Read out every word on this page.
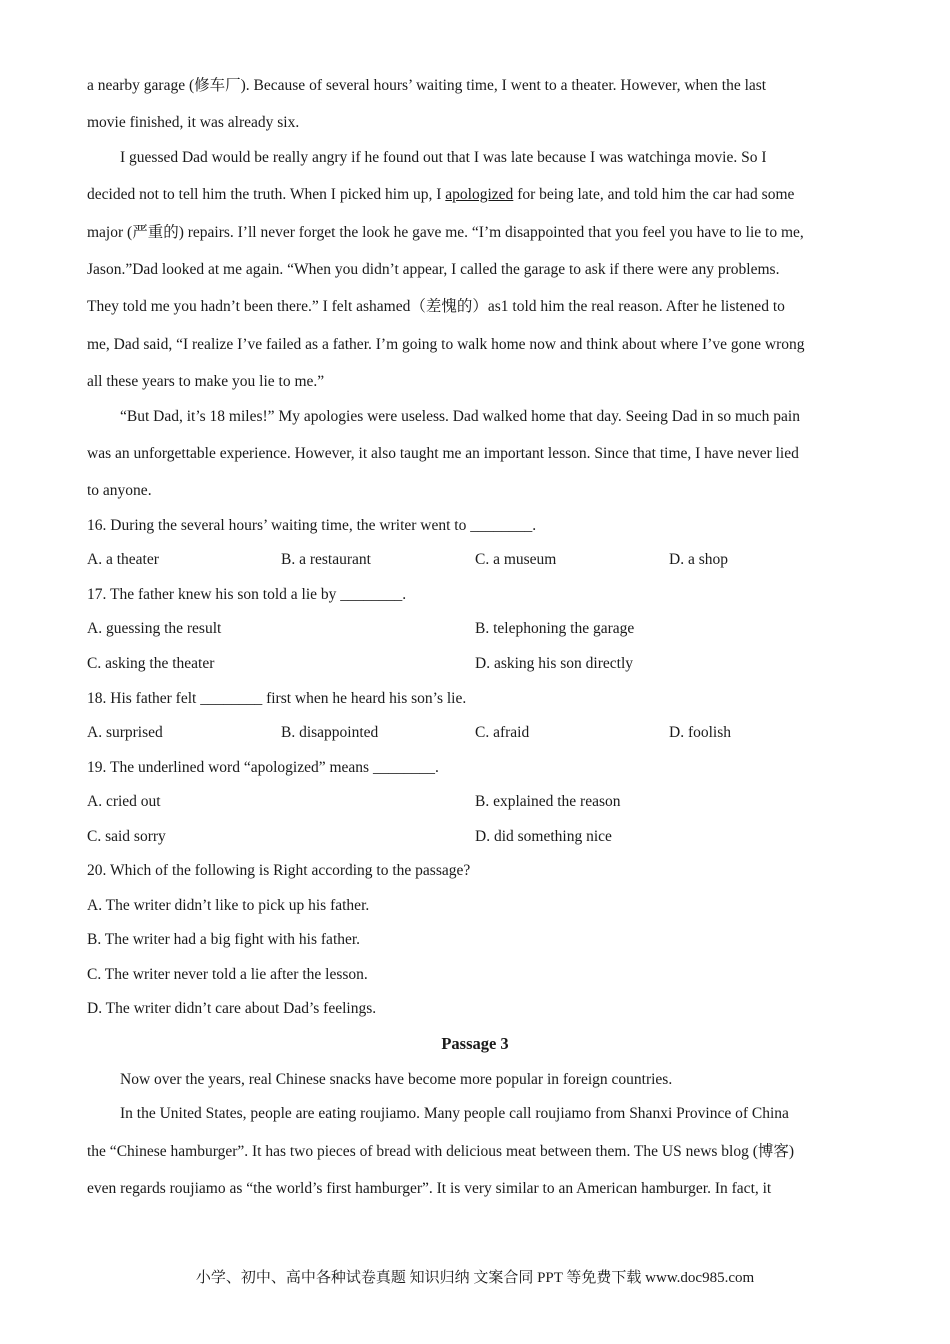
a nearby garage (修车厂). Because of several hours’ waiting time, I went to a theater. However, when the last
movie finished, it was already six.
I guessed Dad would be really angry if he found out that I was late because I was watchinga movie. So I
decided not to tell him the truth. When I picked him up, I apologized for being late, and told him the car had some
major (严重的) repairs. I’ll never forget the look he gave me. “I’m disappointed that you feel you have to lie to me,
Jason.”Dad looked at me again. “When you didn’t appear, I called the garage to ask if there were any problems.
They told me you hadn’t been there.” I felt ashamed（差愧的）as1 told him the real reason. After he listened to
me, Dad said, “I realize I’ve failed as a father. I’m going to walk home now and think about where I’ve gone wrong
all these years to make you lie to me.”
“But Dad, it’s 18 miles!” My apologies were useless. Dad walked home that day. Seeing Dad in so much pain
was an unforgettable experience. However, it also taught me an important lesson. Since that time, I have never lied
to anyone.
16. During the several hours’ waiting time, the writer went to ________.
A. a theater	B. a restaurant	C. a museum	D. a shop
17. The father knew his son told a lie by ________.
A. guessing the result	B. telephoning the garage
C. asking the theater	D. asking his son directly
18. His father felt ________ first when he heard his son’s lie.
A. surprised	B. disappointed	C. afraid	D. foolish
19. The underlined word “apologized” means ________.
A. cried out	B. explained the reason
C. said sorry	D. did something nice
20. Which of the following is Right according to the passage?
A. The writer didn’t like to pick up his father.
B. The writer had a big fight with his father.
C. The writer never told a lie after the lesson.
D. The writer didn’t care about Dad’s feelings.
Passage 3
Now over the years, real Chinese snacks have become more popular in foreign countries.
In the United States, people are eating roujiamo. Many people call roujiamo from Shanxi Province of China
the “Chinese hamburger”. It has two pieces of bread with delicious meat between them. The US news blog (博客)
even regards roujiamo as “the world’s first hamburger”. It is very similar to an American hamburger. In fact, it
小学、初中、高中各种试卷真题 知识归纳 文案合同 PPT 等免费下载 www.doc985.com
